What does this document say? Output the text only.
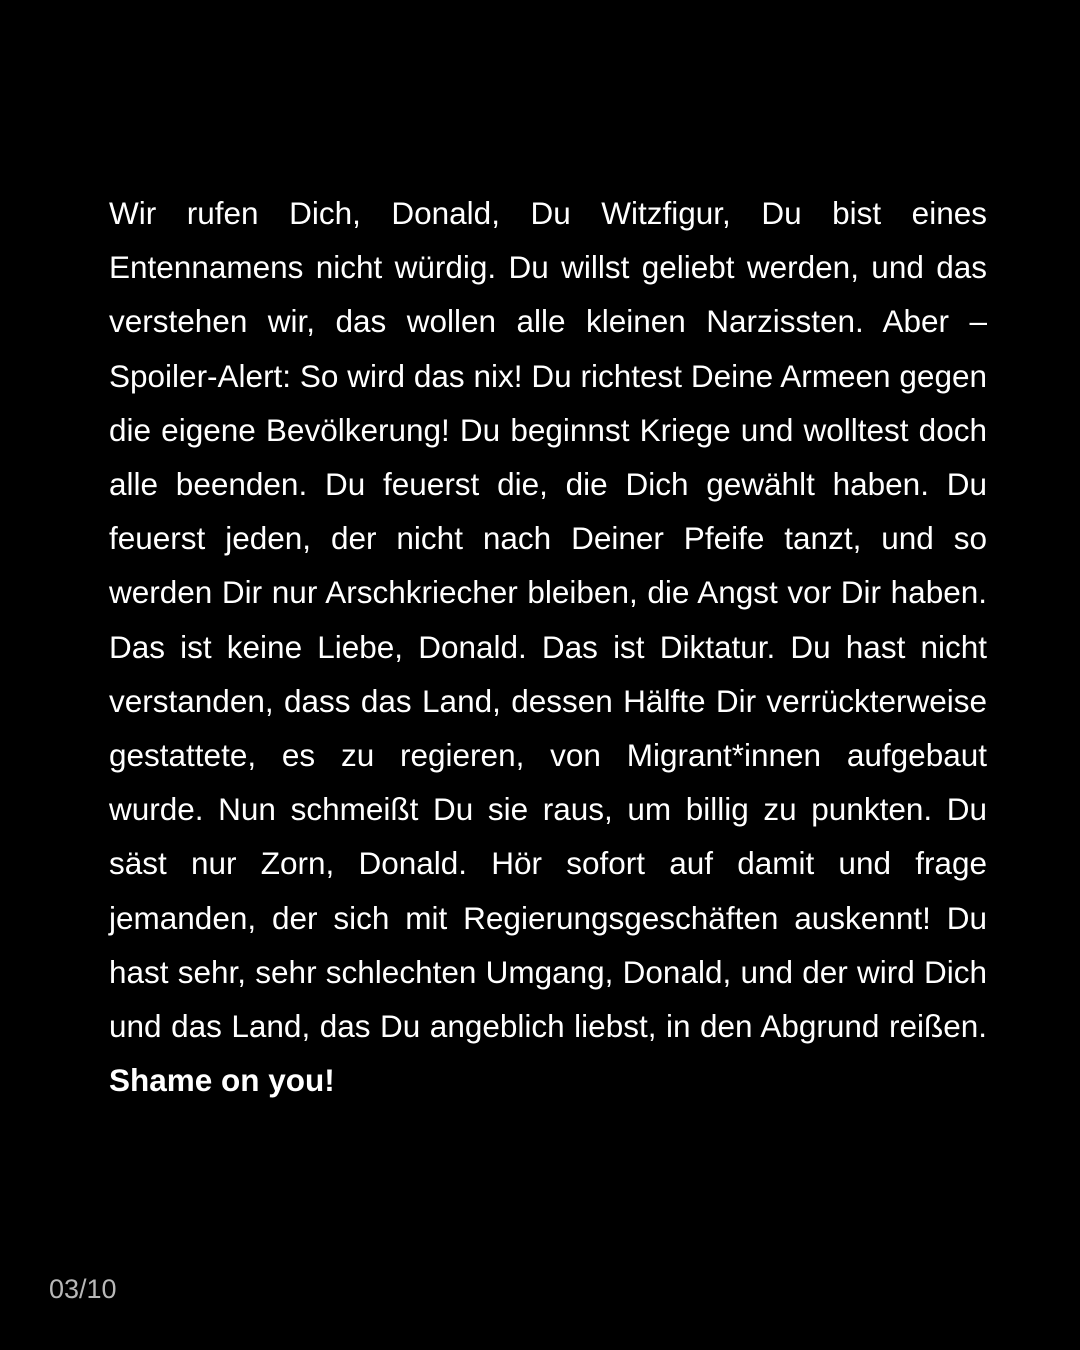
Wir rufen Dich, Donald, Du Witzfigur, Du bist eines Entennamens nicht würdig. Du willst geliebt werden, und das verstehen wir, das wollen alle kleinen Narzissten. Aber – Spoiler-Alert: So wird das nix! Du richtest Deine Armeen gegen die eigene Bevölkerung! Du beginnst Kriege und wolltest doch alle beenden. Du feuerst die, die Dich gewählt haben. Du feuerst jeden, der nicht nach Deiner Pfeife tanzt, und so werden Dir nur Arschkriecher bleiben, die Angst vor Dir haben. Das ist keine Liebe, Donald. Das ist Diktatur. Du hast nicht verstanden, dass das Land, dessen Hälfte Dir verrückterweise gestattete, es zu regieren, von Migrant*innen aufgebaut wurde. Nun schmeißt Du sie raus, um billig zu punkten. Du säst nur Zorn, Donald. Hör sofort auf damit und frage jemanden, der sich mit Regierungsgeschäften auskennt! Du hast sehr, sehr schlechten Umgang, Donald, und der wird Dich und das Land, das Du angeblich liebst, in den Abgrund reißen. Shame on you!

03/10
